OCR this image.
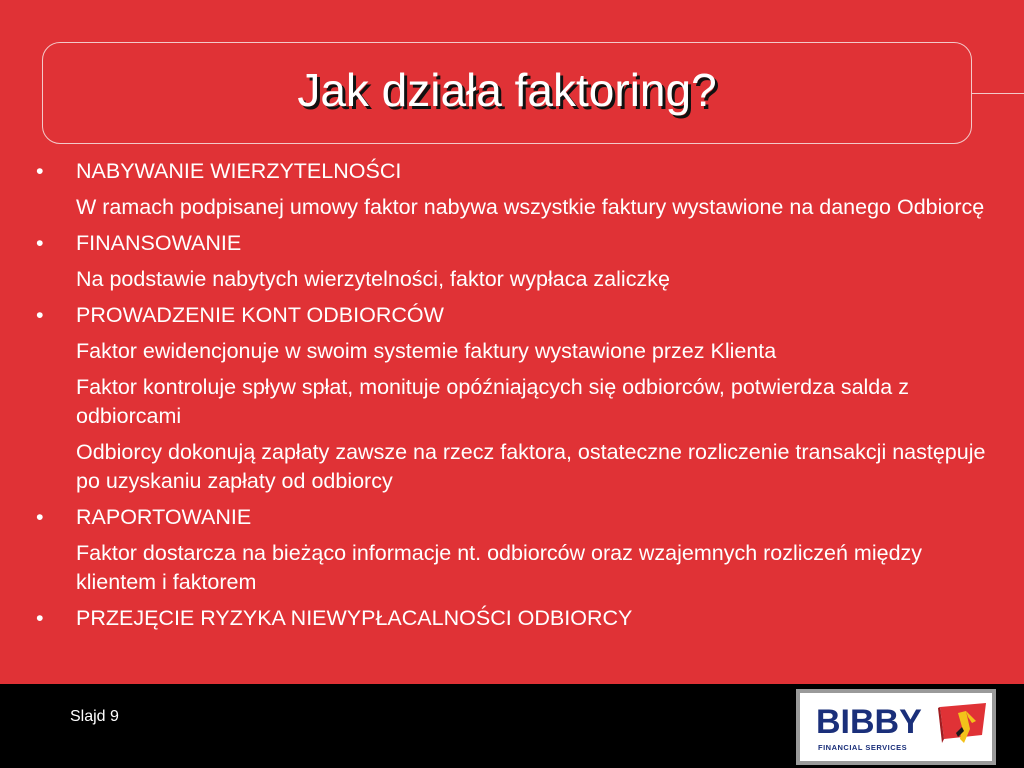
Jak działa faktoring?
•	NABYWANIE WIERZYTELNOŚCI
W ramach podpisanej umowy faktor nabywa wszystkie faktury wystawione na danego Odbiorcę
•	FINANSOWANIE
Na podstawie nabytych wierzytelności, faktor wypłaca zaliczkę
•	PROWADZENIE KONT ODBIORCÓW
Faktor ewidencjonuje w swoim systemie faktury wystawione przez Klienta
Faktor kontroluje spływ spłat, monituje opóźniających się odbiorców, potwierdza salda z odbiorcami
Odbiorcy dokonują zapłaty zawsze na rzecz faktora, ostateczne rozliczenie transakcji następuje po uzyskaniu zapłaty od odbiorcy
•	RAPORTOWANIE
Faktor dostarcza na bieżąco informacje nt. odbiorców oraz wzajemnych rozliczeń między klientem i faktorem
•	PRZEJĘCIE RYZYKA NIEWYPŁACALNOŚCI ODBIORCY
Slajd 9	BIBBY
FINANCIAL SERVICES
